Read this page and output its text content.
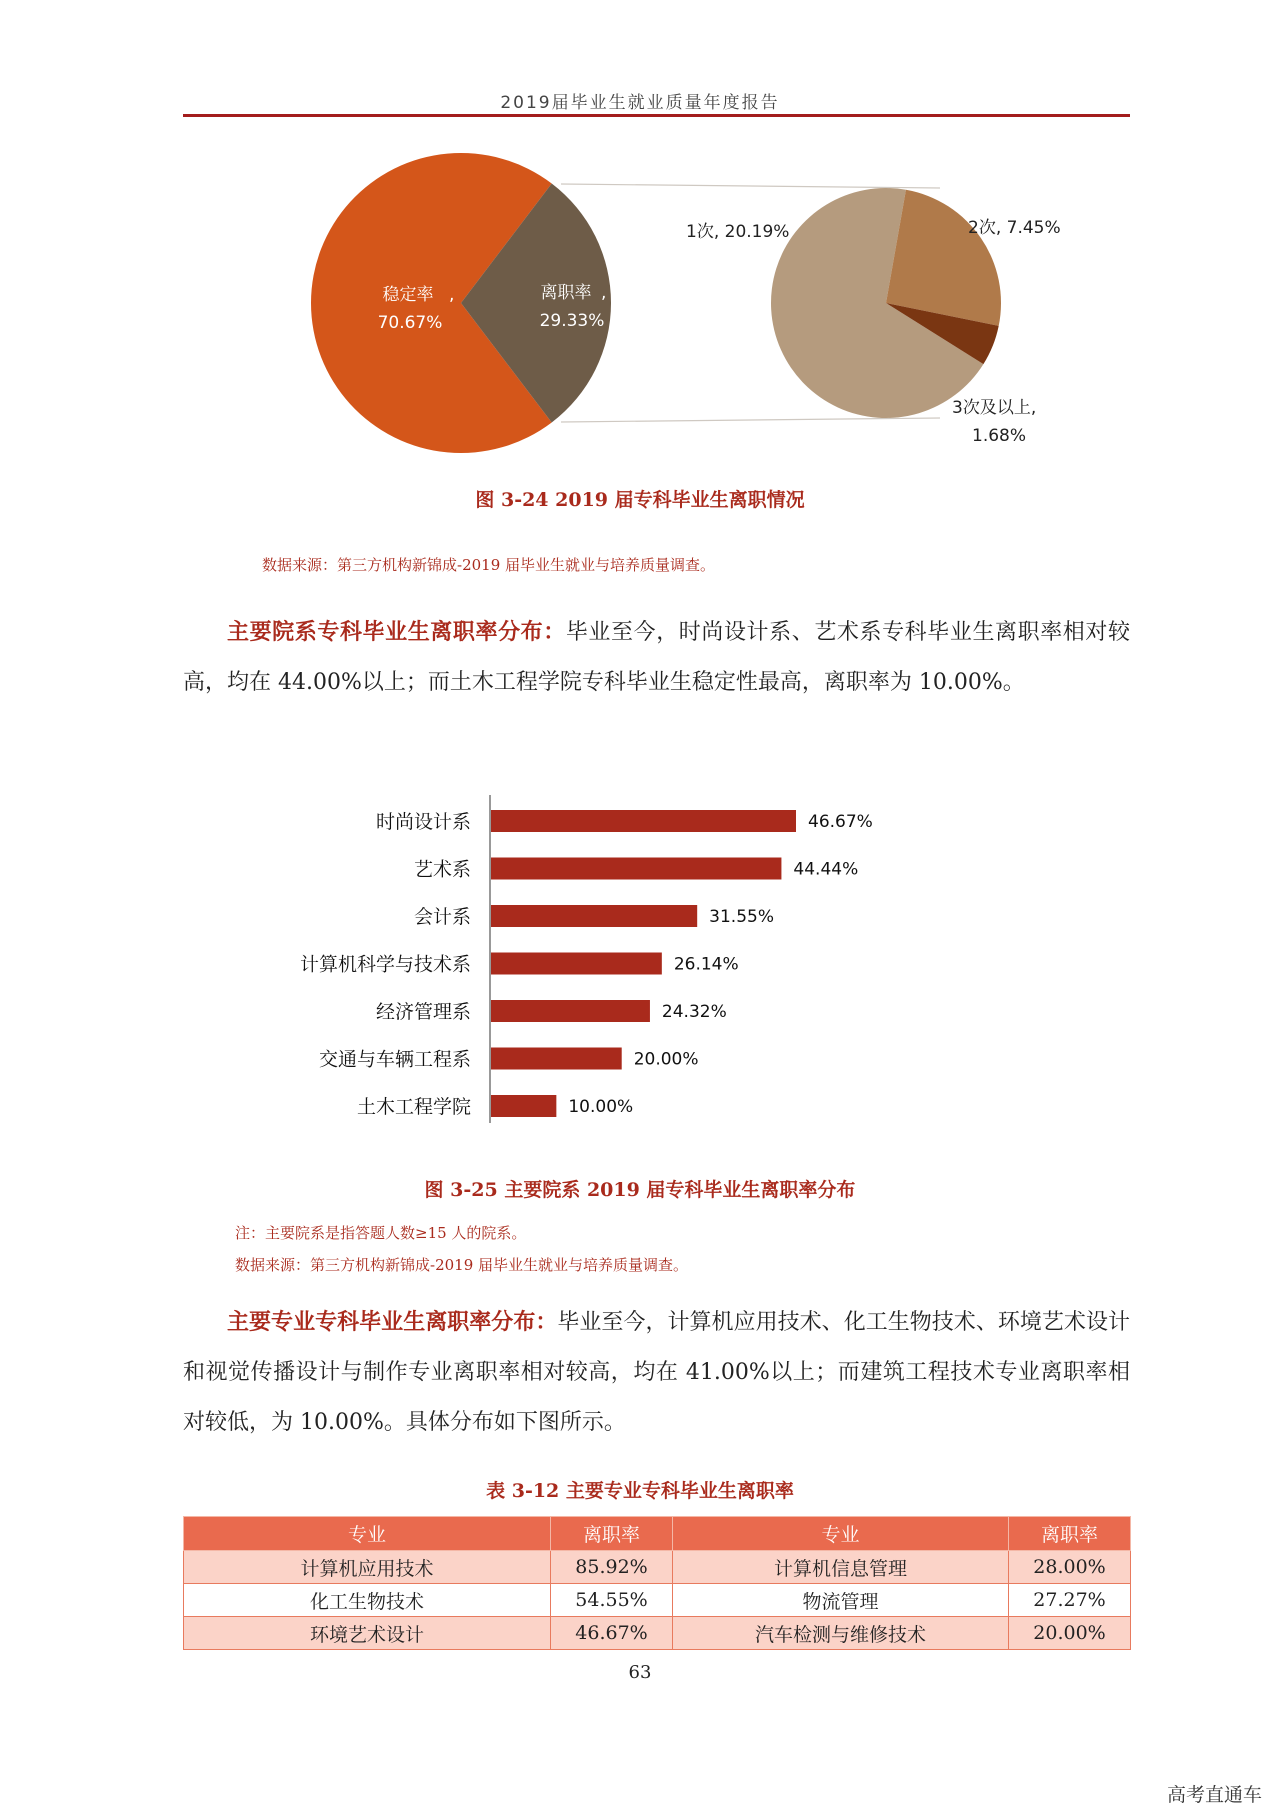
2019届毕业生就业质量年度报告
稳定率 ,
70.67%
离职率 ,
29.33%
1次, 20.19%	2次, 7.45%
3次及以上,
1.68%
图 3-24 2019 届专科毕业生离职情况
数据来源：第三方机构新锦成-2019 届毕业生就业与培养质量调查。
主要院系专科毕业生离职率分布：毕业至今，时尚设计系、艺术系专科毕业生离职率相对较高，均在 44.00%以上；而土木工程学院专科毕业生稳定性最高，离职率为 10.00%。
时尚设计系	46.67%
艺术系	44.44%
会计系	31.55%
计算机科学与技术系	26.14%
经济管理系	24.32%
交通与车辆工程系	20.00%
土木工程学院	10.00%
图 3-25 主要院系 2019 届专科毕业生离职率分布
注：主要院系是指答题人数≥15 人的院系。
数据来源：第三方机构新锦成-2019 届毕业生就业与培养质量调查。
主要专业专科毕业生离职率分布：毕业至今，计算机应用技术、化工生物技术、环境艺术设计和视觉传播设计与制作专业离职率相对较高，均在 41.00%以上；而建筑工程技术专业离职率相对较低，为 10.00%。具体分布如下图所示。
表 3-12 主要专业专科毕业生离职率
专业	离职率	专业	离职率
计算机应用技术	85.92%	计算机信息管理	28.00%
化工生物技术	54.55%	物流管理	27.27%
环境艺术设计	46.67%	汽车检测与维修技术	20.00%
63
高考直通车
